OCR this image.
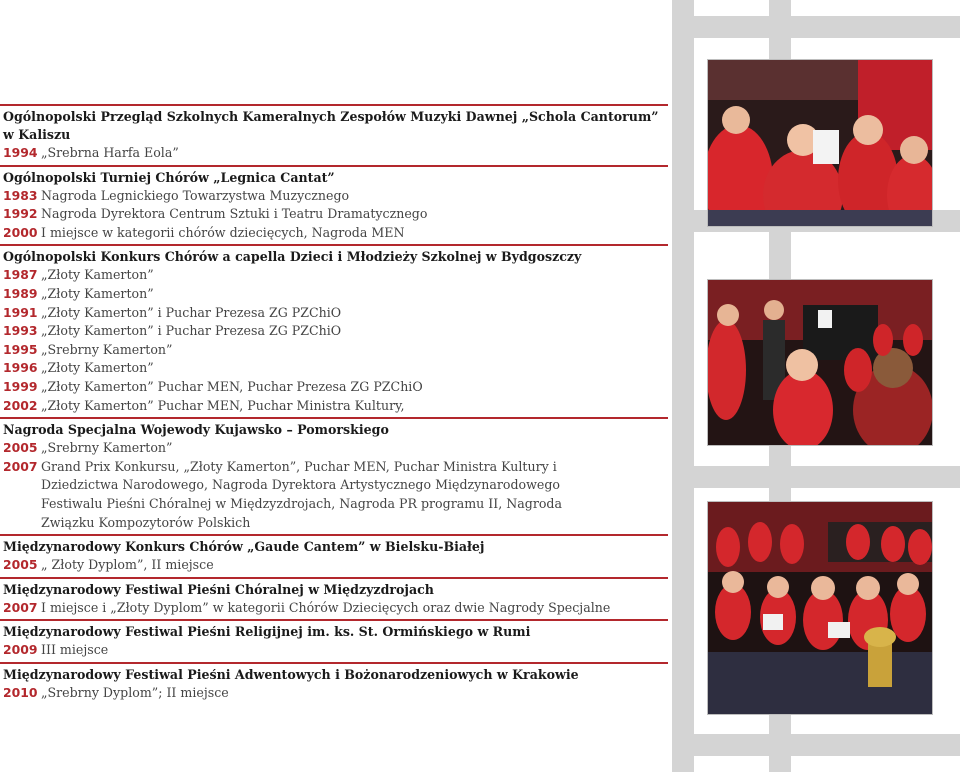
Ogólnopolski Przegląd Szkolnych Kameralnych Zespołów Muzyki Dawnej „Schola Cantorum” w Kaliszu
1994 „Srebrna Harfa Eola”
Ogólnopolski Turniej Chórów „Legnica Cantat”
1983 Nagroda Legnickiego Towarzystwa Muzycznego
1992 Nagroda Dyrektora Centrum Sztuki i Teatru Dramatycznego
2000 I miejsce w kategorii chórów dziecięcych, Nagroda MEN
Ogólnopolski Konkurs Chórów a capella Dzieci i Młodzieży Szkolnej w Bydgoszczy
1987 „Złoty Kamerton”
1989 „Złoty Kamerton”
1991 „Złoty Kamerton” i Puchar Prezesa ZG PZChiO
1993 „Złoty Kamerton” i Puchar Prezesa ZG PZChiO
1995 „Srebrny Kamerton”
1996 „Złoty Kamerton”
1999 „Złoty Kamerton” Puchar MEN, Puchar Prezesa ZG PZChiO
2002 „Złoty Kamerton” Puchar MEN, Puchar Ministra Kultury,
Nagroda Specjalna Wojewody Kujawsko – Pomorskiego
2005 „Srebrny Kamerton”
2007 Grand Prix Konkursu, „Złoty Kamerton”, Puchar MEN, Puchar Ministra Kultury i Dziedzictwa Narodowego, Nagroda Dyrektora Artystycznego Międzynarodowego Festiwalu Pieśni Chóralnej w Międzyzdrojach, Nagroda PR programu II, Nagroda Związku Kompozytorów Polskich
Międzynarodowy Konkurs Chórów „Gaude Cantem” w Bielsku-Białej
2005 „ Złoty Dyplom”, II miejsce
Międzynarodowy Festiwal Pieśni Chóralnej w Międzyzdrojach
2007 I miejsce i „Złoty Dyplom” w kategorii Chórów Dziecięcych oraz dwie Nagrody Specjalne
Międzynarodowy Festiwal Pieśni Religijnej im. ks. St. Ormińskiego w Rumi
2009 III miejsce
Międzynarodowy Festiwal Pieśni Adwentowych i Bożonarodzeniowych w Krakowie
2010 „Srebrny Dyplom”; II miejsce
